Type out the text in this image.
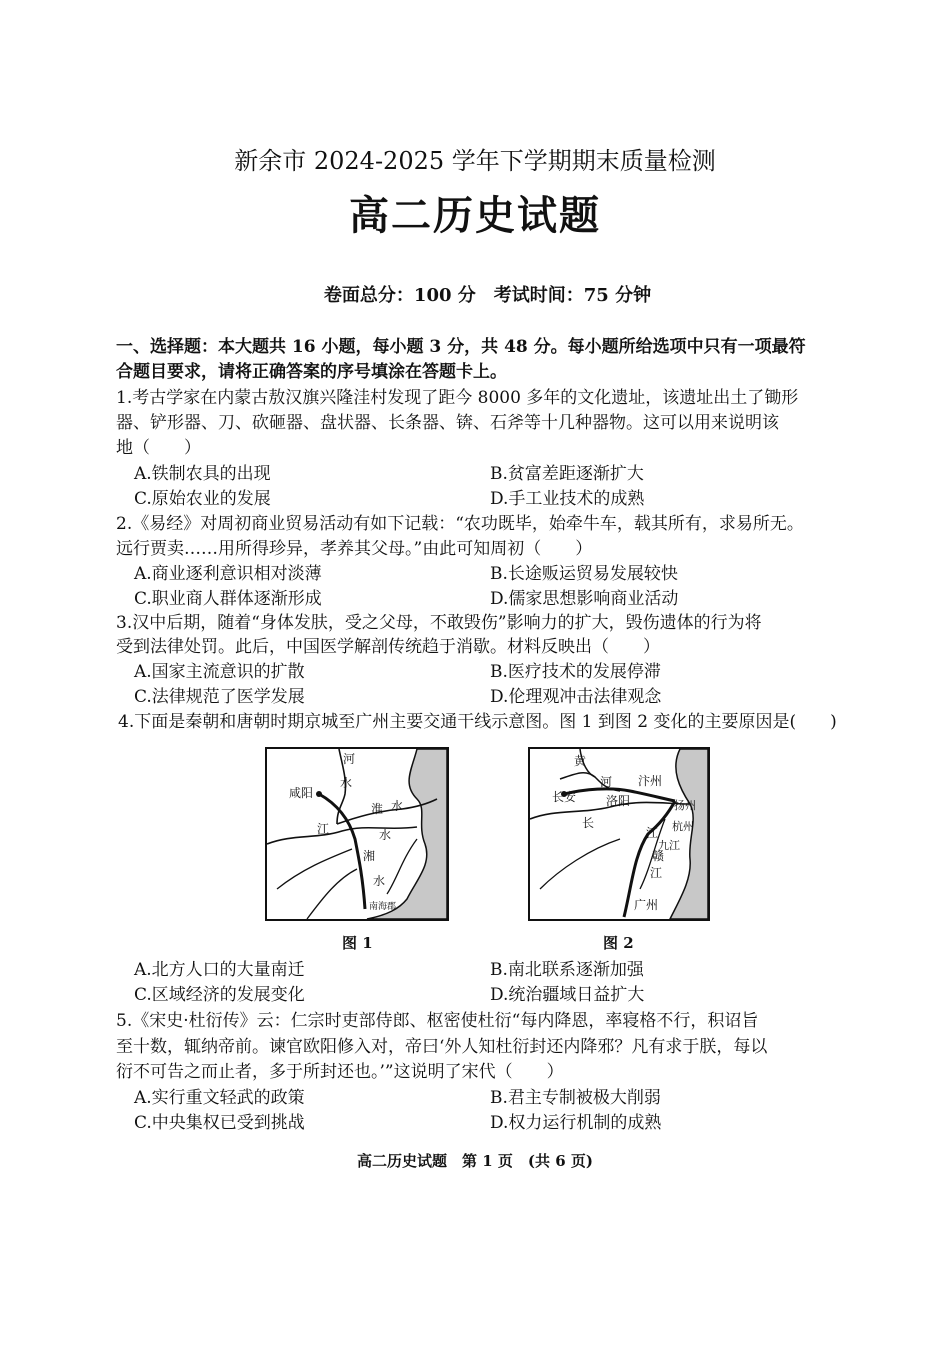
新余市 2024-2025 学年下学期期末质量检测
高二历史试题
卷面总分：100 分　考试时间：75 分钟
一、选择题：本大题共 16 小题，每小题 3 分，共 48 分。每小题所给选项中只有一项最符
合题目要求，请将正确答案的序号填涂在答题卡上。
1.考古学家在内蒙古敖汉旗兴隆洼村发现了距今 8000 多年的文化遗址，该遗址出土了锄形
器、铲形器、刀、砍砸器、盘状器、长条器、锛、石斧等十几种器物。这可以用来说明该
地（　　）
A.铁制农具的出现	B.贫富差距逐渐扩大
C.原始农业的发展	D.手工业技术的成熟
2.《易经》对周初商业贸易活动有如下记载：“农功既毕，始牵牛车，载其所有，求易所无。
远行贾卖……用所得珍异，孝养其父母。”由此可知周初（　　）
A.商业逐利意识相对淡薄	B.长途贩运贸易发展较快
C.职业商人群体逐渐形成	D.儒家思想影响商业活动
3.汉中后期，随着“身体发肤，受之父母，不敢毁伤”影响力的扩大，毁伤遗体的行为将
受到法律处罚。此后，中国医学解剖传统趋于消歇。材料反映出（　　）
A.国家主流意识的扩散	B.医疗技术的发展停滞
C.法律规范了医学发展	D.伦理观冲击法律观念
4.下面是秦朝和唐朝时期京城至广州主要交通干线示意图。图 1 到图 2 变化的主要原因是(　　)
河
水
咸阳
淮 水
江	水
湘
水
南海郡
图 1
黄
河 汴州
长安 洛阳	扬州
长
江 杭州
九江
赣
江
广州
图 2
A.北方人口的大量南迁	B.南北联系逐渐加强
C.区域经济的发展变化	D.统治疆域日益扩大
5.《宋史·杜衍传》云：仁宗时吏部侍郎、枢密使杜衍“每内降恩，率寝格不行，积诏旨
至十数，辄纳帝前。谏官欧阳修入对，帝曰‘外人知杜衍封还内降邪？凡有求于朕，每以
衍不可告之而止者，多于所封还也。’”这说明了宋代（　　）
A.实行重文轻武的政策	B.君主专制被极大削弱
C.中央集权已受到挑战	D.权力运行机制的成熟
高二历史试题　第 1 页　(共 6 页)
